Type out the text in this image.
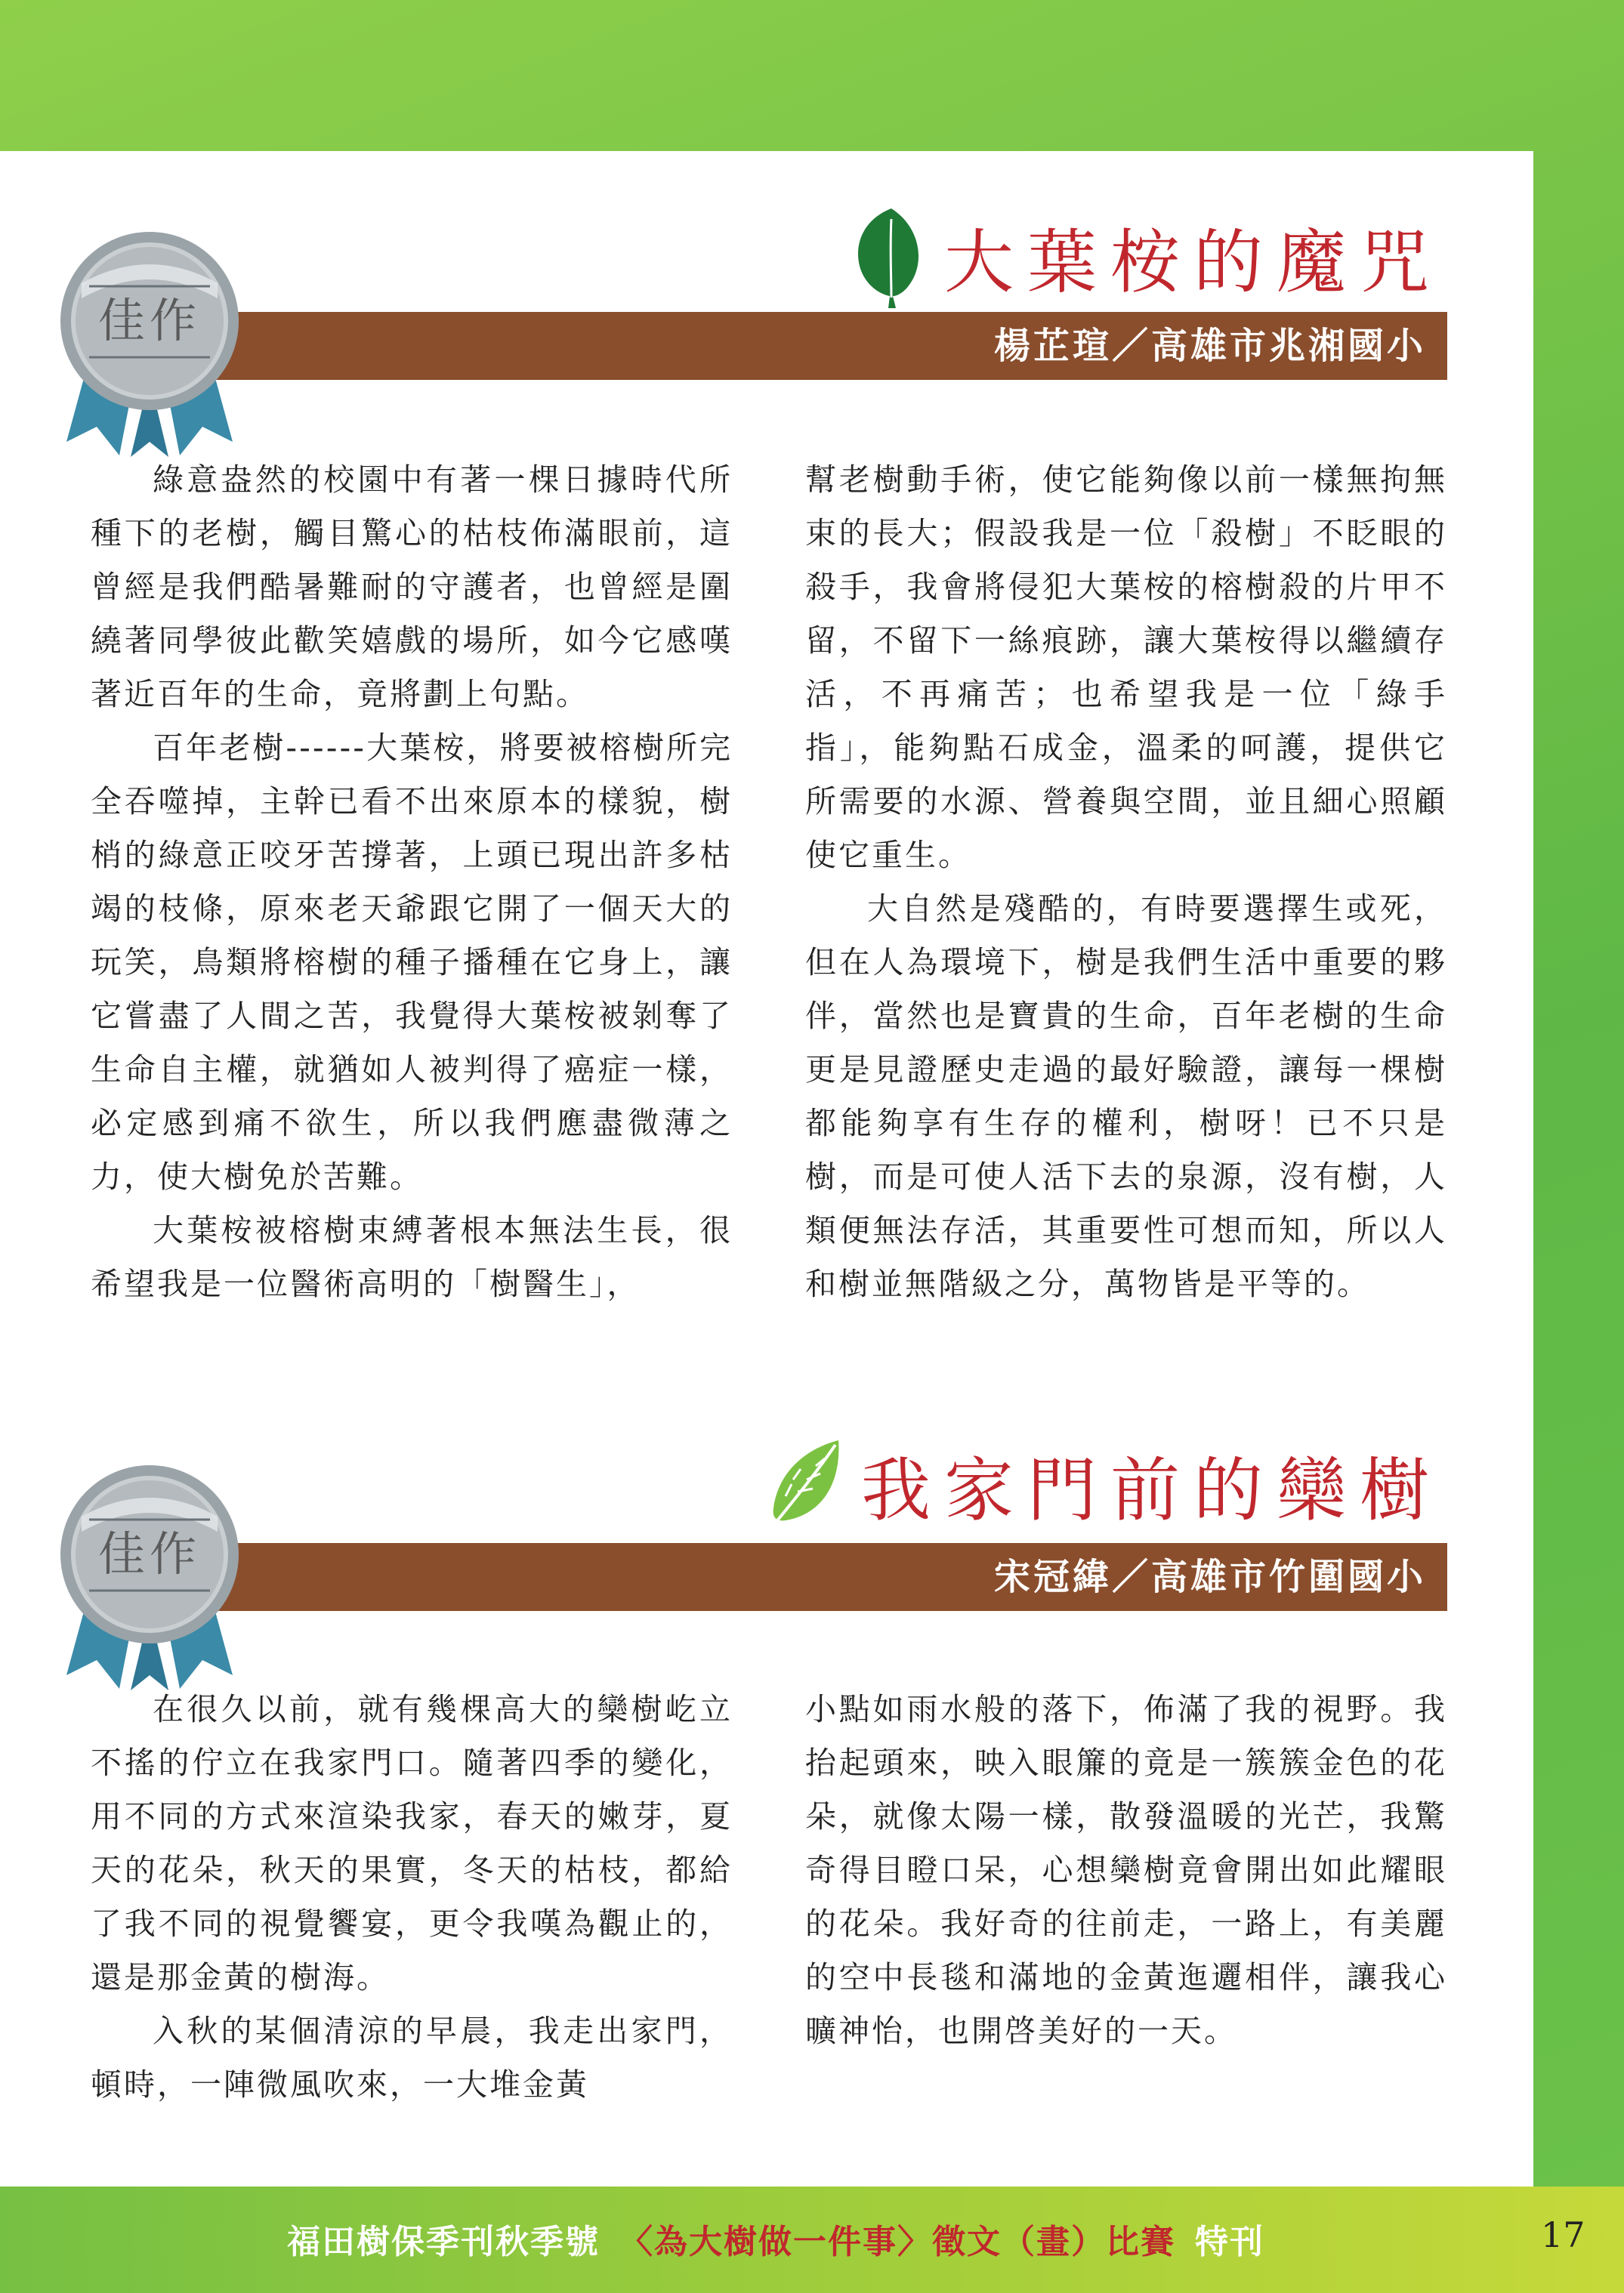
大葉桉的魔咒
楊芷瑄／高雄市兆湘國小
佳作

綠意盎然的校園中有著一棵日據時代所種下的老樹，觸目驚心的枯枝佈滿眼前，這曾經是我們酷暑難耐的守護者，也曾經是圍繞著同學彼此歡笑嬉戲的場所，如今它感嘆著近百年的生命，竟將劃上句點。

百年老樹------大葉桉，將要被榕樹所完全吞噬掉，主幹已看不出來原本的樣貌，樹梢的綠意正咬牙苦撐著，上頭已現出許多枯竭的枝條，原來老天爺跟它開了一個天大的玩笑，鳥類將榕樹的種子播種在它身上，讓它嘗盡了人間之苦，我覺得大葉桉被剝奪了生命自主權，就猶如人被判得了癌症一樣，必定感到痛不欲生，所以我們應盡微薄之力，使大樹免於苦難。

大葉桉被榕樹束縛著根本無法生長，很希望我是一位醫術高明的「樹醫生」，

幫老樹動手術，使它能夠像以前一樣無拘無束的長大；假設我是一位「殺樹」不眨眼的殺手，我會將侵犯大葉桉的榕樹殺的片甲不留，不留下一絲痕跡，讓大葉桉得以繼續存活，不再痛苦；也希望我是一位「綠手指」，能夠點石成金，溫柔的呵護，提供它所需要的水源、營養與空間，並且細心照顧使它重生。

大自然是殘酷的，有時要選擇生或死，但在人為環境下，樹是我們生活中重要的夥伴，當然也是寶貴的生命，百年老樹的生命更是見證歷史走過的最好驗證，讓每一棵樹都能夠享有生存的權利，樹呀！已不只是樹，而是可使人活下去的泉源，沒有樹，人類便無法存活，其重要性可想而知，所以人和樹並無階級之分，萬物皆是平等的。

我家門前的欒樹
宋冠緯／高雄市竹圍國小
佳作

在很久以前，就有幾棵高大的欒樹屹立不搖的佇立在我家門口。隨著四季的變化，用不同的方式來渲染我家，春天的嫩芽，夏天的花朵，秋天的果實，冬天的枯枝，都給了我不同的視覺饗宴，更令我嘆為觀止的，還是那金黃的樹海。

入秋的某個清涼的早晨，我走出家門，頓時，一陣微風吹來，一大堆金黃

小點如雨水般的落下，佈滿了我的視野。我抬起頭來，映入眼簾的竟是一簇簇金色的花朵，就像太陽一樣，散發溫暖的光芒，我驚奇得目瞪口呆，心想欒樹竟會開出如此耀眼的花朵。我好奇的往前走，一路上，有美麗的空中長毯和滿地的金黃迤邐相伴，讓我心曠神怡，也開啓美好的一天。

福田樹保季刊秋季號 〈為大樹做一件事〉徵文（畫）比賽 特刊	17
